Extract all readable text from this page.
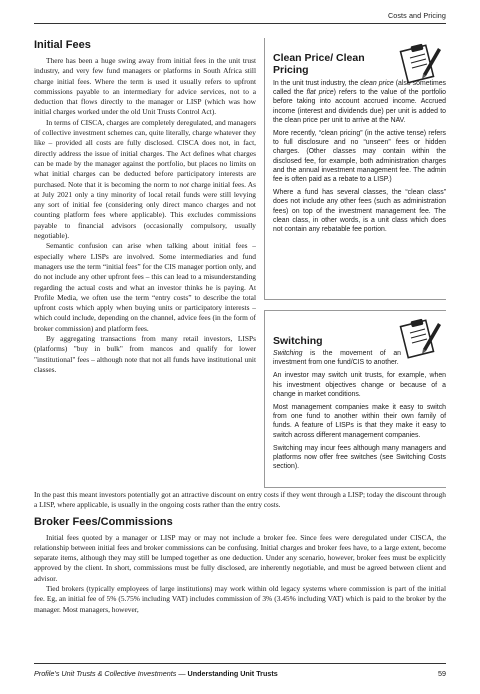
Costs and Pricing
Initial Fees

There has been a huge swing away from initial fees in the unit trust industry, and very few fund managers or platforms in South Africa still charge initial fees. Where the term is used it usually refers to upfront commissions payable to an intermediary for advice services, not to a deduction that flows directly to the manager or LISP (which was how initial charges worked under the old Unit Trusts Control Act).

In terms of CISCA, charges are completely deregulated, and managers of collective investment schemes can, quite literally, charge whatever they like – provided all costs are fully disclosed. CISCA does not, in fact, directly address the issue of initial charges. The Act defines what charges can be made by the manager against the portfolio, but places no limits on what initial charges can be deducted before participatory interests are purchased. Note that it is becoming the norm to not charge initial fees. As at July 2021 only a tiny minority of local retail funds were still levying any sort of initial fee (considering only direct manco charges and not counting platform fees where applicable). This excludes commissions payable to financial advisors (occasionally compulsory, usually negotiable).

Semantic confusion can arise when talking about initial fees – especially where LISPs are involved. Some intermediaries and fund managers use the term “initial fees” for the CIS manager portion only, and do not include any other upfront fees – this can lead to a misunderstanding regarding the actual costs and what an investor thinks he is paying. At Profile Media, we often use the term “entry costs” to describe the total upfront costs which apply when buying units or participatory interests – which could include, depending on the channel, advice fees (in the form of broker commission) and platform fees.

By aggregating transactions from many retail investors, LISPs (platforms) "buy in bulk" from mancos and qualify for lower "institutional" fees – although note that not all funds have institutional unit classes.

Clean Price/ Clean Pricing

In the unit trust industry, the clean price (also sometimes called the flat price) refers to the value of the portfolio before taking into account accrued income. Accrued income (interest and dividends due) per unit is added to the clean price per unit to arrive at the NAV.

More recently, “clean pricing” (in the active tense) refers to full disclosure and no “unseen” fees or hidden charges. (Other classes may contain within the disclosed fee, for example, both administration charges and the annual investment management fee. The admin fee is often paid as a rebate to a LISP.)

Where a fund has several classes, the “clean class” does not include any other fees (such as administration fees) on top of the investment management fee. The clean class, in other words, is a unit class which does not contain any rebatable fee portion.

Switching

Switching is the movement of an investment from one fund/CIS to another.

An investor may switch unit trusts, for example, when his investment objectives change or because of a change in market conditions.

Most management companies make it easy to switch from one fund to another within their own family of funds. A feature of LISPs is that they make it easy to switch across different management companies.

Switching may incur fees although many managers and platforms now offer free switches (see Switching Costs section).

In the past this meant investors potentially got an attractive discount on entry costs if they went through a LISP; today the discount through a LISP, where applicable, is usually in the ongoing costs rather than the entry costs.

Broker Fees/Commissions

Initial fees quoted by a manager or LISP may or may not include a broker fee. Since fees were deregulated under CISCA, the relationship between initial fees and broker commissions can be confusing. Initial charges and broker fees have, to a large extent, become separate items, although they may still be lumped together as one deduction. Under any scenario, however, broker fees must be explicitly approved by the client. In short, commissions must be fully disclosed, are inherently negotiable, and must be agreed between client and advisor.

Tied brokers (typically employees of large institutions) may work within old legacy systems where commission is part of the initial fee. Eg, an initial fee of 5% (5.75% including VAT) includes commission of 3% (3.45% including VAT) which is paid to the broker by the manager. Most managers, however,

Profile’s Unit Trusts & Collective Investments — Understanding Unit Trusts	59
